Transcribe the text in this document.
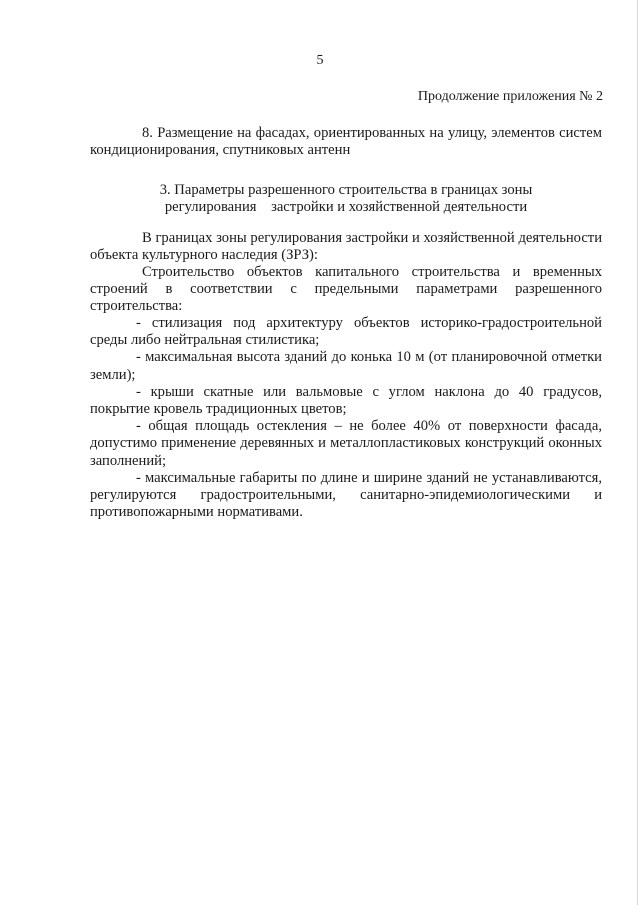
5
Продолжение приложения № 2

8. Размещение на фасадах, ориентированных на улицу, элементов систем кондиционирования, спутниковых антенн

3. Параметры разрешенного строительства в границах зоны
регулирования    застройки и хозяйственной деятельности

В границах зоны регулирования застройки и хозяйственной деятельности объекта культурного наследия (ЗРЗ):

Строительство объектов капитального строительства и временных строений в соответствии с предельными параметрами разрешенного строительства:

- стилизация под архитектуру объектов историко-градостроительной среды либо нейтральная стилистика;

- максимальная высота зданий до конька 10 м (от планировочной отметки земли);

- крыши скатные или вальмовые с углом наклона до 40 градусов, покрытие кровель традиционных цветов;

- общая площадь остекления – не более 40% от поверхности фасада, допустимо применение деревянных и металлопластиковых конструкций оконных заполнений;

- максимальные габариты по длине и ширине зданий не устанавливаются, регулируются градостроительными, санитарно-эпидемиологическими и противопожарными нормативами.
